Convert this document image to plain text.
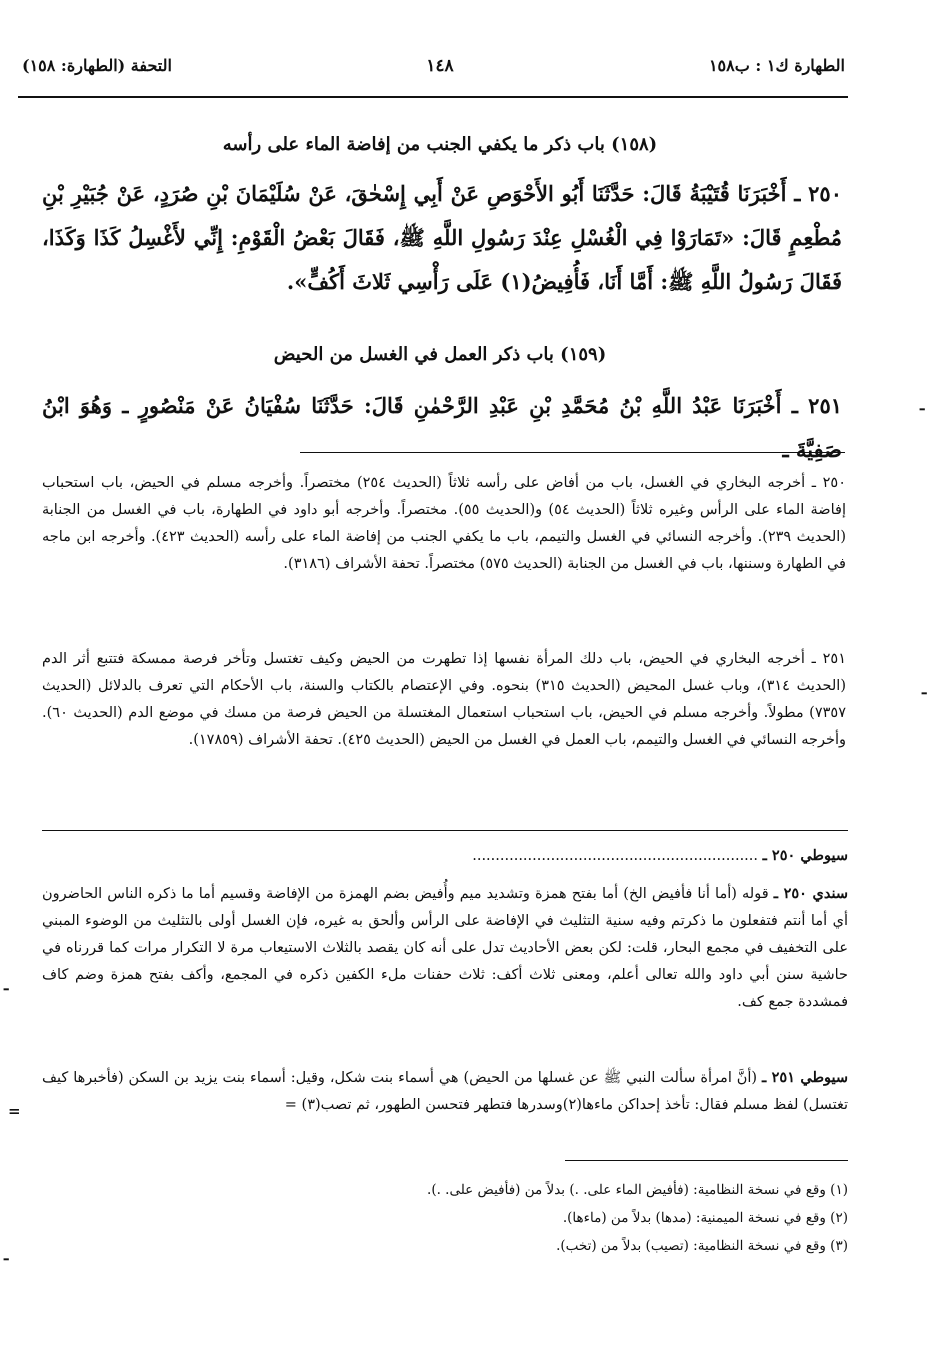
الطهارة ك١ : ب١٥٨
١٤٨
التحفة (الطهارة: ١٥٨)
(١٥٨) باب ذكر ما يكفي الجنب من إفاضة الماء على رأسه
٢٥٠ ـ أَخْبَرَنَا قُتَيْبَةُ قَالَ: حَدَّثَنَا أَبُو الأَحْوَصِ عَنْ أَبِي إِسْحٰقَ، عَنْ سُلَيْمَانَ بْنِ صُرَدٍ، عَنْ جُبَيْرِ بْنِ مُطْعِمٍ قَالَ: «تَمَارَوْا فِي الْغُسْلِ عِنْدَ رَسُولِ اللَّهِ ﷺ، فَقَالَ بَعْضُ الْقَوْمِ: إِنِّي لأَغْسِلُ كَذَا وَكَذَا، فَقَالَ رَسُولُ اللَّهِ ﷺ: أَمَّا أَنَا، فَأُفِيضُ(١) عَلَى رَأْسِي ثَلاثَ أَكُفٍّ».
(١٥٩) باب ذكر العمل في الغسل من الحيض
٢٥١ ـ أَخْبَرَنَا عَبْدُ اللَّهِ بْنُ مُحَمَّدِ بْنِ عَبْدِ الرَّحْمٰنِ قَالَ: حَدَّثَنَا سُفْيَانُ عَنْ مَنْصُورٍ ـ وَهُوَ ابْنُ صَفِيَّةَ ـ
٢٥٠ ـ أخرجه البخاري في الغسل، باب من أفاض على رأسه ثلاثاً (الحديث ٢٥٤) مختصراً. وأخرجه مسلم في الحيض، باب استحباب إفاضة الماء على الرأس وغيره ثلاثاً (الحديث ٥٤) و(الحديث ٥٥). مختصراً. وأخرجه أبو داود في الطهارة، باب في الغسل من الجنابة (الحديث ٢٣٩). وأخرجه النسائي في الغسل والتيمم، باب ما يكفي الجنب من إفاضة الماء على رأسه (الحديث ٤٢٣). وأخرجه ابن ماجه في الطهارة وسننها، باب في الغسل من الجنابة (الحديث ٥٧٥) مختصراً. تحفة الأشراف (٣١٨٦).
٢٥١ ـ أخرجه البخاري في الحيض، باب دلك المرأة نفسها إذا تطهرت من الحيض وكيف تغتسل وتأخر فرصة ممسكة فتتبع أثر الدم (الحديث ٣١٤)، وباب غسل المحيض (الحديث ٣١٥) بنحوه. وفي الإعتصام بالكتاب والسنة، باب الأحكام التي تعرف بالدلائل (الحديث ٧٣٥٧) مطولاً. وأخرجه مسلم في الحيض، باب استحباب استعمال المغتسلة من الحيض فرصة من مسك في موضع الدم (الحديث ٦٠). وأخرجه النسائي في الغسل والتيمم، باب العمل في الغسل من الحيض (الحديث ٤٢٥). تحفة الأشراف (١٧٨٥٩).
سيوطي ٢٥٠ ـ ..............................................................
سندي ٢٥٠ ـ قوله (أما أنا فأفيض الخ) أما بفتح همزة وتشديد ميم وأُفيض بضم الهمزة من الإفاضة وقسيم أما ما ذكره الناس الحاضرون أي أما أنتم فتفعلون ما ذكرتم وفيه سنية التثليث في الإفاضة على الرأس وألحق به غيره، فإن الغسل أولى بالتثليث من الوضوء المبني على التخفيف في مجمع البحار، قلت: لكن بعض الأحاديث تدل على أنه كان يقصد بالثلاث الاستيعاب مرة لا التكرار مرات كما قررناه في حاشية سنن أبي داود والله تعالى أعلم، ومعنى ثلاث أكف: ثلاث حفنات ملء الكفين ذكره في المجمع، وأكف بفتح همزة وضم كاف فمشددة جمع كف.
سيوطي ٢٥١ ـ (أنَّ امرأة سألت النبي ﷺ عن غسلها من الحيض) هي أسماء بنت شكل، وقيل: أسماء بنت يزيد بن السكن (فأخبرها كيف تغتسل) لفظ مسلم فقال: تأخذ إحداكن ماءها(٢)وسدرها فتطهر فتحسن الطهور، ثم تصب(٣) =
(١) وقع في نسخة النظامية: (فأفيض الماء على. .) بدلاً من (فأفيض على. .).
(٢) وقع في نسخة الميمنية: (مدها) بدلاً من (ماءها).
(٣) وقع في نسخة النظامية: (تصيب) بدلاً من (تخب).
ـ
ـ
=
ـ
ـ
